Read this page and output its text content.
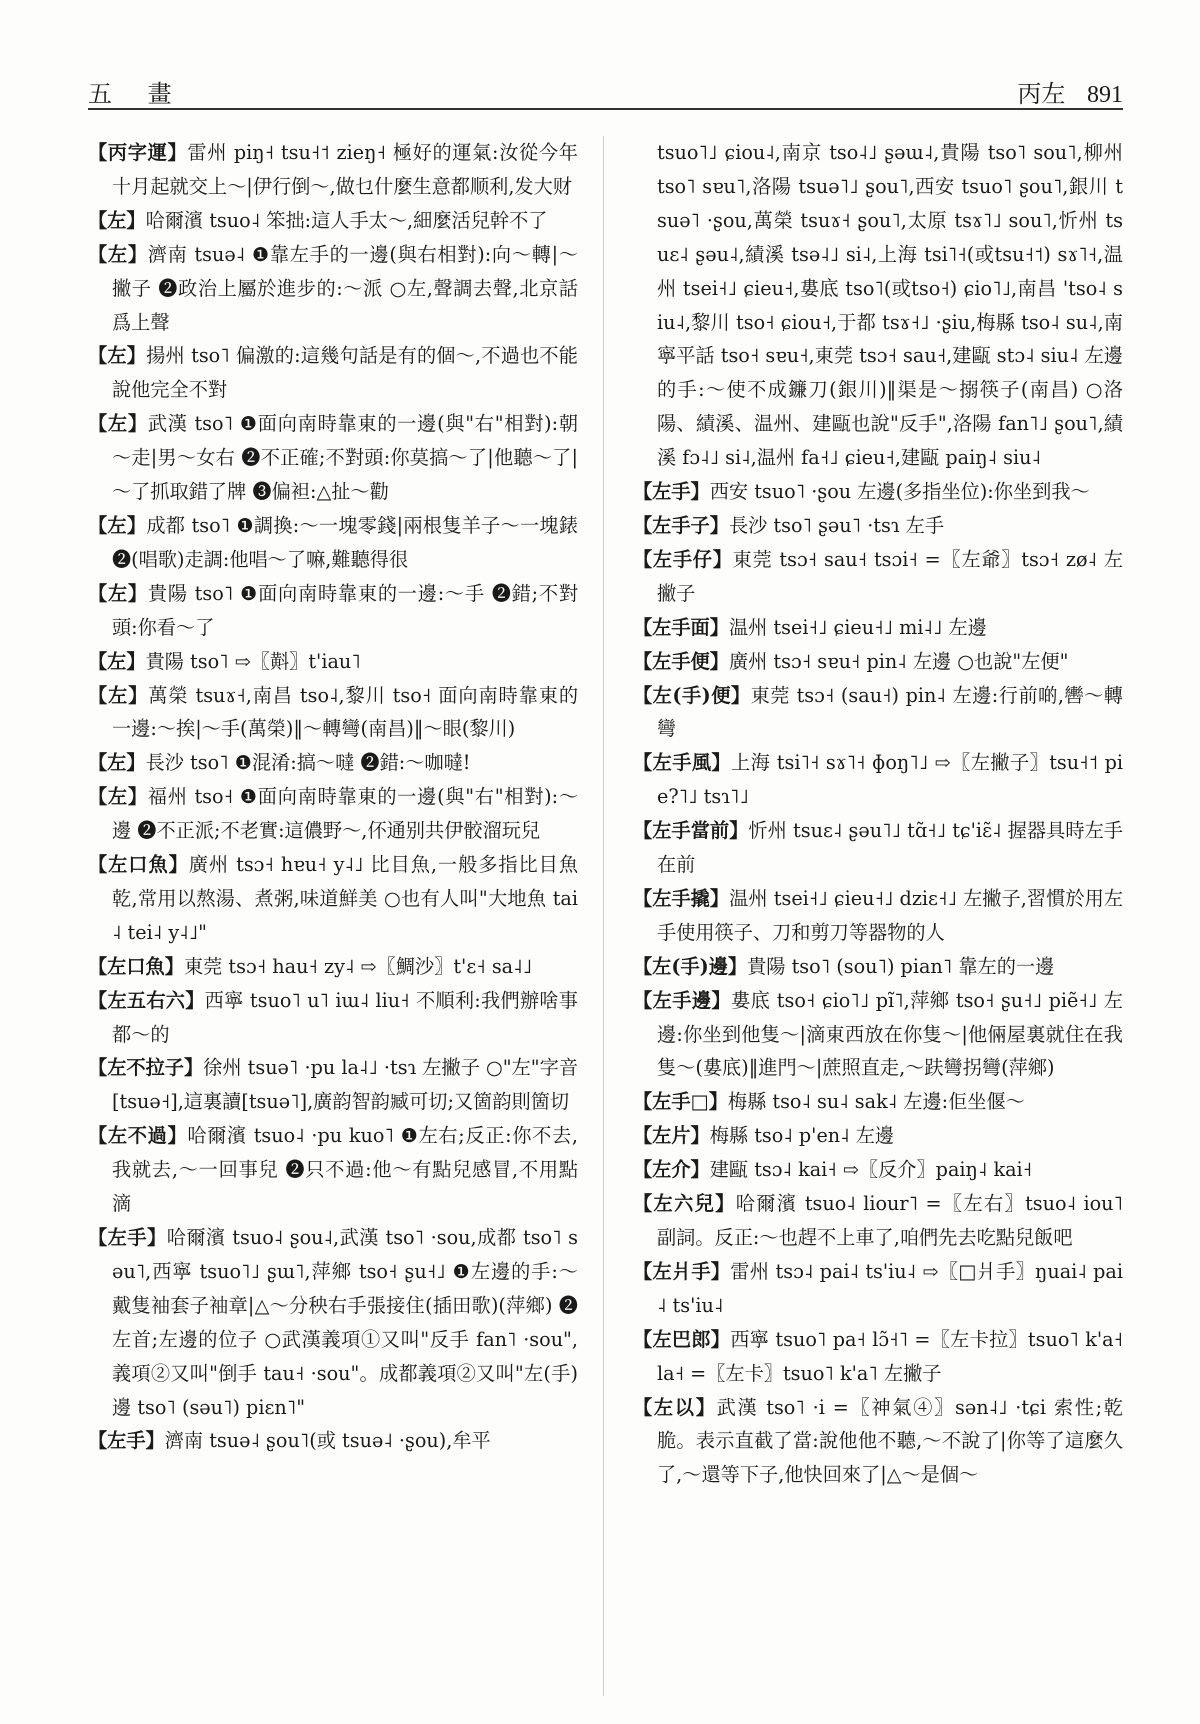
五 畫	丙左 891

【丙字運】雷州 piŋ˧ tsu˧˦ zieŋ˧ 極好的運氣:汝從今年十月起就交上～|伊行倒～,做乜什麼生意都顺利,发大财

【左】哈爾濱 tsuo˨ 笨拙:這人手太～,細麼活兒幹不了

【左】濟南 tsuə˨ ❶靠左手的一邊(與右相對):向～轉|～撇子 ❷政治上屬於進步的:～派 ○左,聲調去聲,北京話爲上聲

【左】揚州 tso˥ 偏激的:這幾句話是有的個～,不過也不能說他完全不對

【左】武漢 tso˥ ❶面向南時靠東的一邊(與"右"相對):朝～走|男～女右 ❷不正確;不對頭:你莫搞～了|他聽～了|～了抓取錯了牌 ❸偏袒:△扯～勸

【左】成都 tso˥ ❶調換:～一塊零錢|兩根隻羊子～一塊錶 ❷(唱歌)走調:他唱～了嘛,難聽得很

【左】貴陽 tso˥ ❶面向南時靠東的一邊:～手 ❷錯;不對頭:你看～了

【左】貴陽 tso˥ ⇨〖斢〗t'iau˥

【左】萬榮 tsuɤ˧,南昌 tso˨,黎川 tso˧ 面向南時靠東的一邊:～挨|～手(萬榮)‖～轉彎(南昌)‖～眼(黎川)

【左】長沙 tso˥ ❶混淆:搞～噠 ❷錯:～咖噠!

【左】福州 tso˧ ❶面向南時靠東的一邊(與"右"相對):～邊 ❷不正派;不老實:這儂野～,伓通别共伊骹溜玩兒

【左口魚】廣州 tsɔ˧ hɐu˧ y˨˩ 比目魚,一般多指比目魚乾,常用以熬湯、煮粥,味道鮮美 ○也有人叫"大地魚 tai˨ tei˨ y˨˩"

【左口魚】東莞 tsɔ˧ hau˧ zy˨ ⇨〖鯛沙〗t'ɛ˧ sa˨˩

【左五右六】西寧 tsuo˥ u˥ iɯ˨ liu˧ 不順利:我們辦啥事都～的

【左不拉子】徐州 tsuə˥ ·pu la˨˩ ·tsɿ 左撇子 ○"左"字音[tsuə˧],這裏讀[tsuə˥],廣韵智韵臧可切;又箇韵則箇切

【左不過】哈爾濱 tsuo˨ ·pu kuo˥ ❶左右;反正:你不去,我就去,～一回事兒 ❷只不過:他～有點兒感冒,不用點滴

【左手】哈爾濱 tsuo˨ ʂou˨,武漢 tso˥ ·sou,成都 tso˥ səu˥,西寧 tsuo˥˩ ʂɯ˥,萍鄉 tso˧ ʂu˧˩ ❶左邊的手:～戴隻袖套子袖章|△～分秧右手張接住(插田歌)(萍鄉) ❷左首;左邊的位子 ○武漢義項①又叫"反手 fan˥ ·sou",義項②又叫"倒手 tau˧ ·sou"。成都義項②又叫"左(手)邊 tso˥ (səu˥) piɛn˥"

【左手】濟南 tsuə˨ ʂou˥(或 tsuə˨ ·ʂou),牟平

tsuo˥˩ ɕiou˨,南京 tso˨˩ ʂəɯ˨,貴陽 tso˥ sou˥,柳州 tso˥ sɐu˥,洛陽 tsuə˥˩ ʂou˥,西安 tsuo˥ ʂou˥,銀川 tsuə˥ ·ʂou,萬榮 tsuɤ˧ ʂou˥,太原 tsɤ˥˩ sou˥,忻州 tsuɛ˨ ʂəu˨,績溪 tsə˨˩ si˨,上海 tsi˥˧(或tsu˧˦) sɤ˥˧,温州 tsei˧˩ ɕieu˧,婁底 tso˥(或tso˧) ɕio˥˩,南昌 'tso˨ siu˨,黎川 tso˧ ɕiou˧,于都 tsɤ˧˩ ·ʂiu,梅縣 tso˨ su˨,南寧平話 tso˧ sɐu˧,東莞 tsɔ˧ sau˧,建甌 stɔ˨ siu˨ 左邊的手:～使不成鐮刀(銀川)‖渠是～搦筷子(南昌) ○洛陽、績溪、温州、建甌也說"反手",洛陽 fan˥˩ ʂou˥,績溪 fɔ˨˩ si˨,温州 fa˧˩ ɕieu˧,建甌 paiŋ˨ siu˨

【左手】西安 tsuo˥ ·ʂou 左邊(多指坐位):你坐到我～

【左手子】長沙 tso˥ ʂəu˥ ·tsɿ 左手

【左手仔】東莞 tsɔ˧ sau˧ tsɔi˧ =〖左爺〗tsɔ˧ zø˨ 左撇子

【左手面】温州 tsei˧˩ ɕieu˧˩ mi˨˩ 左邊

【左手便】廣州 tsɔ˧ sɐu˧ pin˨ 左邊 ○也說"左便"

【左(手)便】東莞 tsɔ˧ (sau˧) pin˨ 左邊:行前啲,轡～轉彎

【左手風】上海 tsi˥˧ sɤ˥˧ ɸoŋ˥˩ ⇨〖左撇子〗tsu˧˦ pie?˥˩ tsɿ˥˩

【左手當前】忻州 tsuɛ˨ ʂəu˥˩ tɑ̃˧˩ tɕ'iɛ̃˨ 握器具時左手在前

【左手撬】温州 tsei˧˩ ɕieu˧˩ dziɛ˧˩ 左撇子,習慣於用左手使用筷子、刀和剪刀等器物的人

【左(手)邊】貴陽 tso˥ (sou˥) pian˥ 靠左的一邊

【左手邊】婁底 tso˧ ɕio˥˩ pĩ˥,萍鄉 tso˧ ʂu˧˩ piẽ˧˩ 左邊:你坐到他隻～|滴東西放在你隻～|他倆屋裏就住在我隻～(婁底)‖進門～|蔗照直走,～趺彎拐彎(萍鄉)

【左手□】梅縣 tso˨ su˨ sak˨ 左邊:佢坐偃～

【左片】梅縣 tso˨ p'en˨ 左邊

【左介】建甌 tsɔ˨ kai˧ ⇨〖反介〗paiŋ˨ kai˧

【左六兒】哈爾濱 tsuo˨ liour˥ =〖左右〗tsuo˨ iou˥ 副詞。反正:～也趕不上車了,咱們先去吃點兒飯吧

【左爿手】雷州 tsɔ˨ pai˨ ts'iu˨ ⇨〖□爿手〗ŋuai˨ pai˨ ts'iu˨

【左巴郎】西寧 tsuo˥ pa˧ lɔ̃˧˥ =〖左卡拉〗tsuo˥ k'a˧ la˧ =〖左卡〗tsuo˥ k'a˥ 左撇子

【左以】武漢 tso˥ ·i =〖神氣④〗sən˨˩ ·tɕi 索性;乾脆。表示直截了當:說他他不聽,～不說了|你等了這麼久了,～還等下子,他快回來了|△～是個～
